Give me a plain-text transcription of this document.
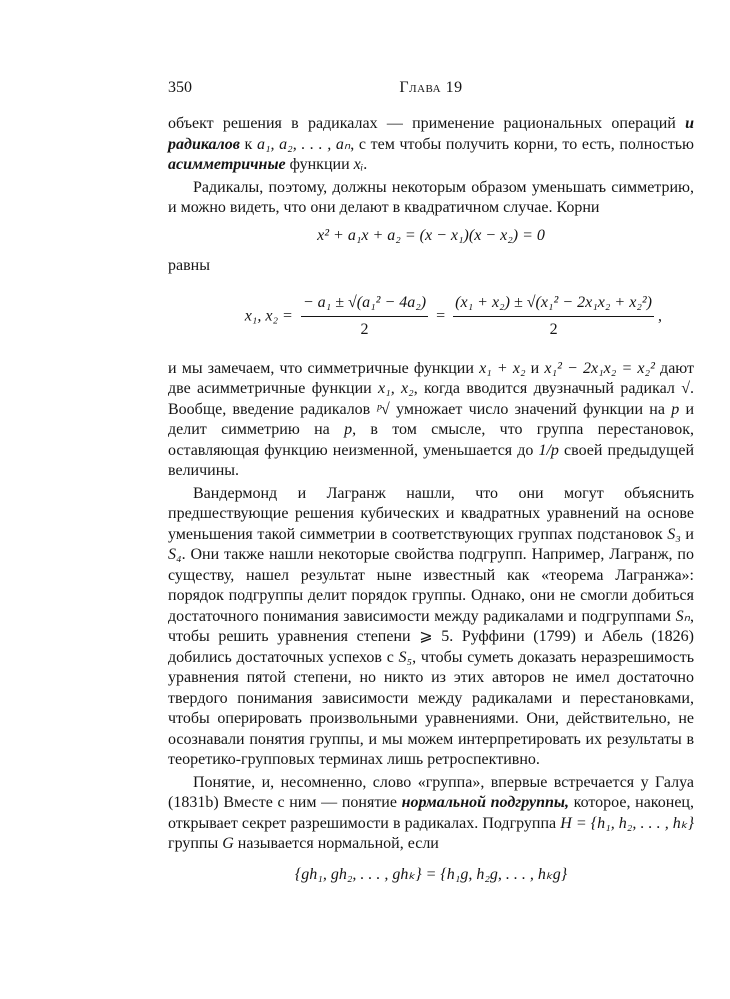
350	Глава 19

объект решения в радикалах — применение рациональных операций и радикалов к a₁, a₂, . . . , aₙ, с тем чтобы получить корни, то есть, полностью асимметричные функции xᵢ.

Радикалы, поэтому, должны некоторым образом уменьшать симметрию, и можно видеть, что они делают в квадратичном случае. Корни

x² + a₁x + a₂ = (x − x₁)(x − x₂) = 0

равны

x₁, $x_2 = \frac{\text{− a₁ ± √(a₁² − 4a₂)}}{2} = \frac{\text{(x₁ + x₂) ± √(x₁² − 2x₁x₂ + x₂²)}}{2}$ ,

и мы замечаем, что симметричные функции x₁ + x₂ и x₁² − 2x₁x₂ = x₂² дают две асимметричные функции x₁, x₂, когда вводится двузначный радикал √. Вообще, введение радикалов ᵖ√ умножает число значений функции на p и делит симметрию на p, в том смысле, что группа перестановок, оставляющая функцию неизменной, уменьшается до 1/p своей предыдущей величины.

Вандермонд и Лагранж нашли, что они могут объяснить предшествующие решения кубических и квадратных уравнений на основе уменьшения такой симметрии в соответствующих группах подстановок S₃ и S₄. Они также нашли некоторые свойства подгрупп. Например, Лагранж, по существу, нашел результат ныне известный как «теорема Лагранжа»: порядок подгруппы делит порядок группы. Однако, они не смогли добиться достаточного понимания зависимости между радикалами и подгруппами Sₙ, чтобы решить уравнения степени ⩾ 5. Руффини (1799) и Абель (1826) добились достаточных успехов с S₅, чтобы суметь доказать неразрешимость уравнения пятой степени, но никто из этих авторов не имел достаточно твердого понимания зависимости между радикалами и перестановками, чтобы оперировать произвольными уравнениями. Они, действительно, не осознавали понятия группы, и мы можем интерпретировать их результаты в теоретико-групповых терминах лишь ретроспективно.

Понятие, и, несомненно, слово «группа», впервые встречается у Галуа (1831b) Вместе с ним — понятие нормальной подгруппы, которое, наконец, открывает секрет разрешимости в радикалах. Подгруппа H = {h₁, h₂, . . . , hₖ} группы G называется нормальной, если

{gh₁, gh₂, . . . , ghₖ} = {h₁g, h₂g, . . . , hₖg}
